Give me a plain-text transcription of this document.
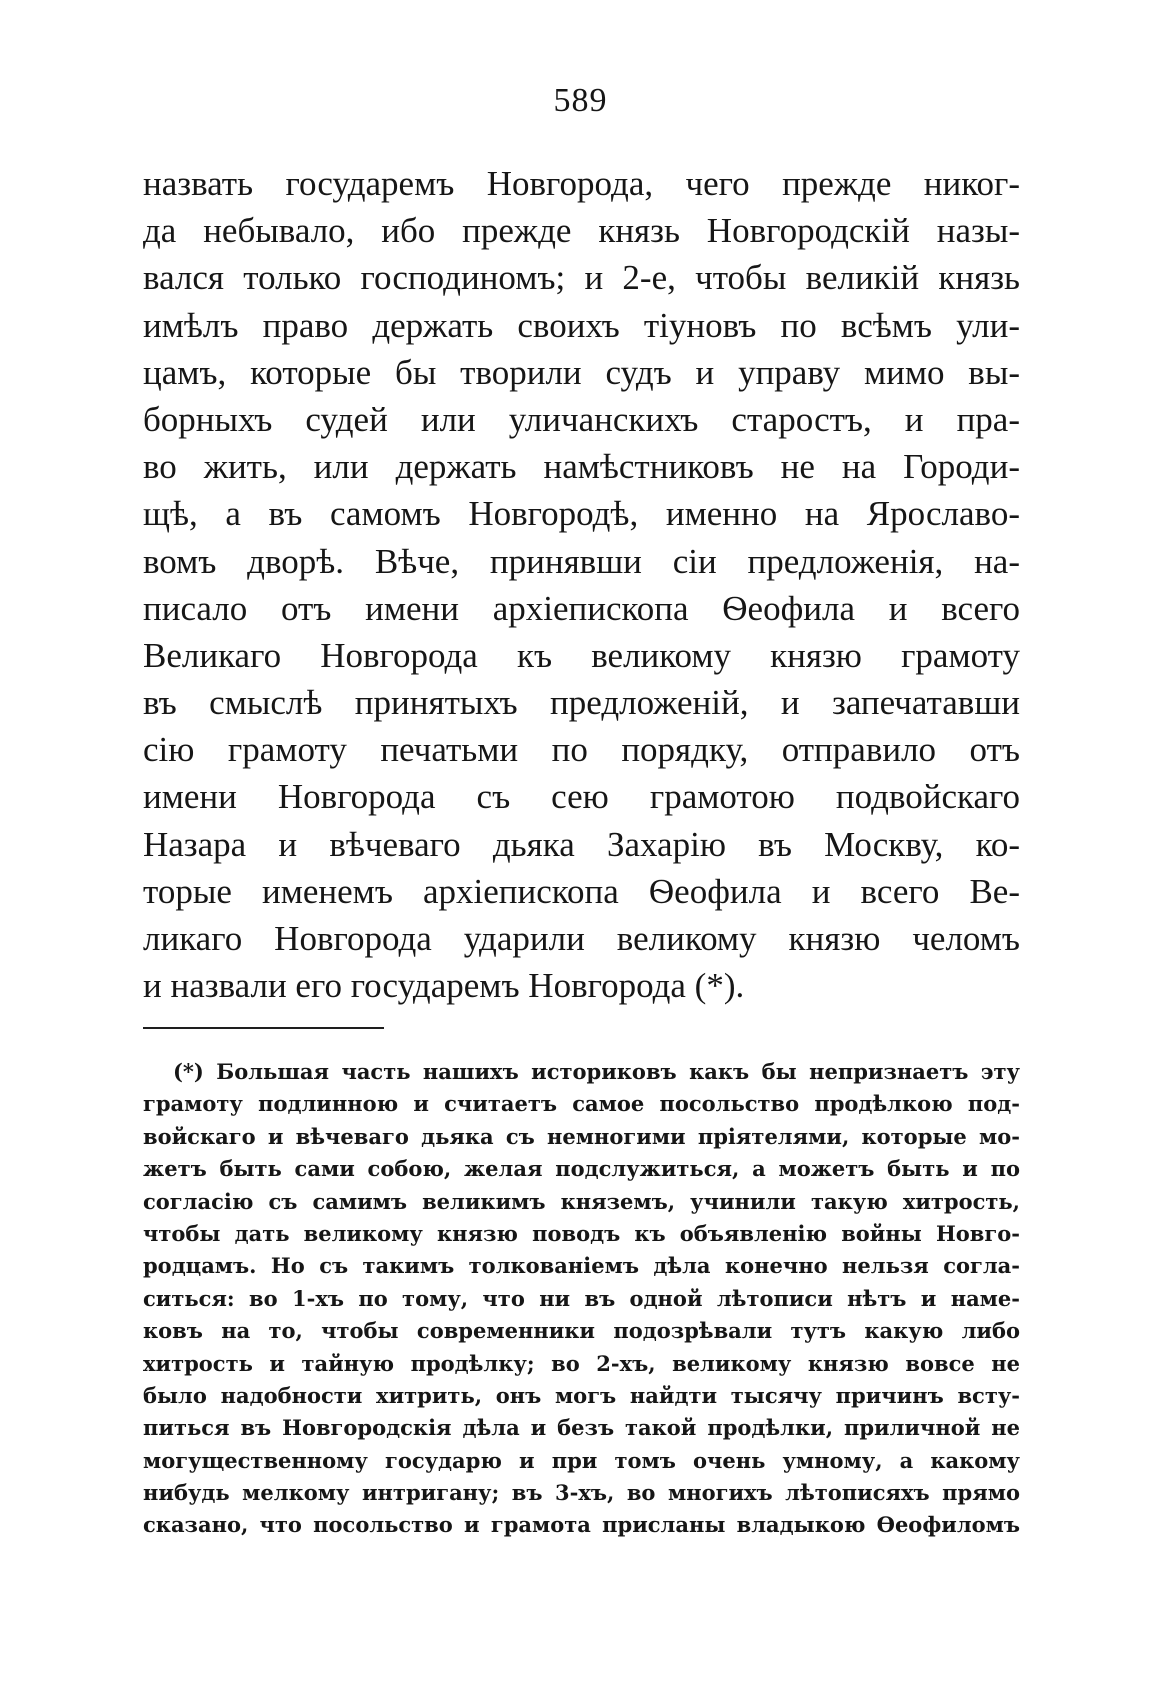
589
назвать государемъ Новгорода, чего прежде никог-
да небывало, ибо прежде князь Новгородскій назы-
вался только господиномъ; и 2-е, чтобы великій князь
имѣлъ право держать своихъ тіуновъ по всѣмъ ули-
цамъ, которые бы творили судъ и управу мимо вы-
борныхъ судей или уличанскихъ старостъ, и пра-
во жить, или держать намѣстниковъ не на Городи-
щѣ, а въ самомъ Новгородѣ, именно на Ярославо-
вомъ дворѣ. Вѣче, принявши сіи предложенія, на-
писало отъ имени архіепископа Ѳеофила и всего
Великаго Новгорода къ великому князю грамоту
въ смыслѣ принятыхъ предложеній, и запечатавши
сію грамоту печатьми по порядку, отправило отъ
имени Новгорода съ сею грамотою подвойскаго
Назара и вѣчеваго дьяка Захарію въ Москву, ко-
торые именемъ архіепископа Ѳеофила и всего Ве-
ликаго Новгорода ударили великому князю челомъ
и назвали его государемъ Новгорода (*).
(*) Большая часть нашихъ историковъ какъ бы непризнаетъ эту
грамоту подлинною и считаетъ самое посольство продѣлкою под-
войскаго и вѣчеваго дьяка съ немногими пріятелями, которые мо-
жетъ быть сами собою, желая подслужиться, а можетъ быть и по
согласію съ самимъ великимъ княземъ, учинили такую хитрость,
чтобы дать великому князю поводъ къ объявленію войны Новго-
родцамъ. Но съ такимъ толкованіемъ дѣла конечно нельзя согла-
ситься: во 1-хъ по тому, что ни въ одной лѣтописи нѣтъ и наме-
ковъ на то, чтобы современники подозрѣвали тутъ какую либо
хитрость и тайную продѣлку; во 2-хъ, великому князю вовсе не
было надобности хитрить, онъ могъ найдти тысячу причинъ всту-
питься въ Новгородскія дѣла и безъ такой продѣлки, приличной не
могущественному государю и при томъ очень умному, а какому
нибудь мелкому интригану; въ 3-хъ, во многихъ лѣтописяхъ прямо
сказано, что посольство и грамота присланы владыкою Ѳеофиломъ
